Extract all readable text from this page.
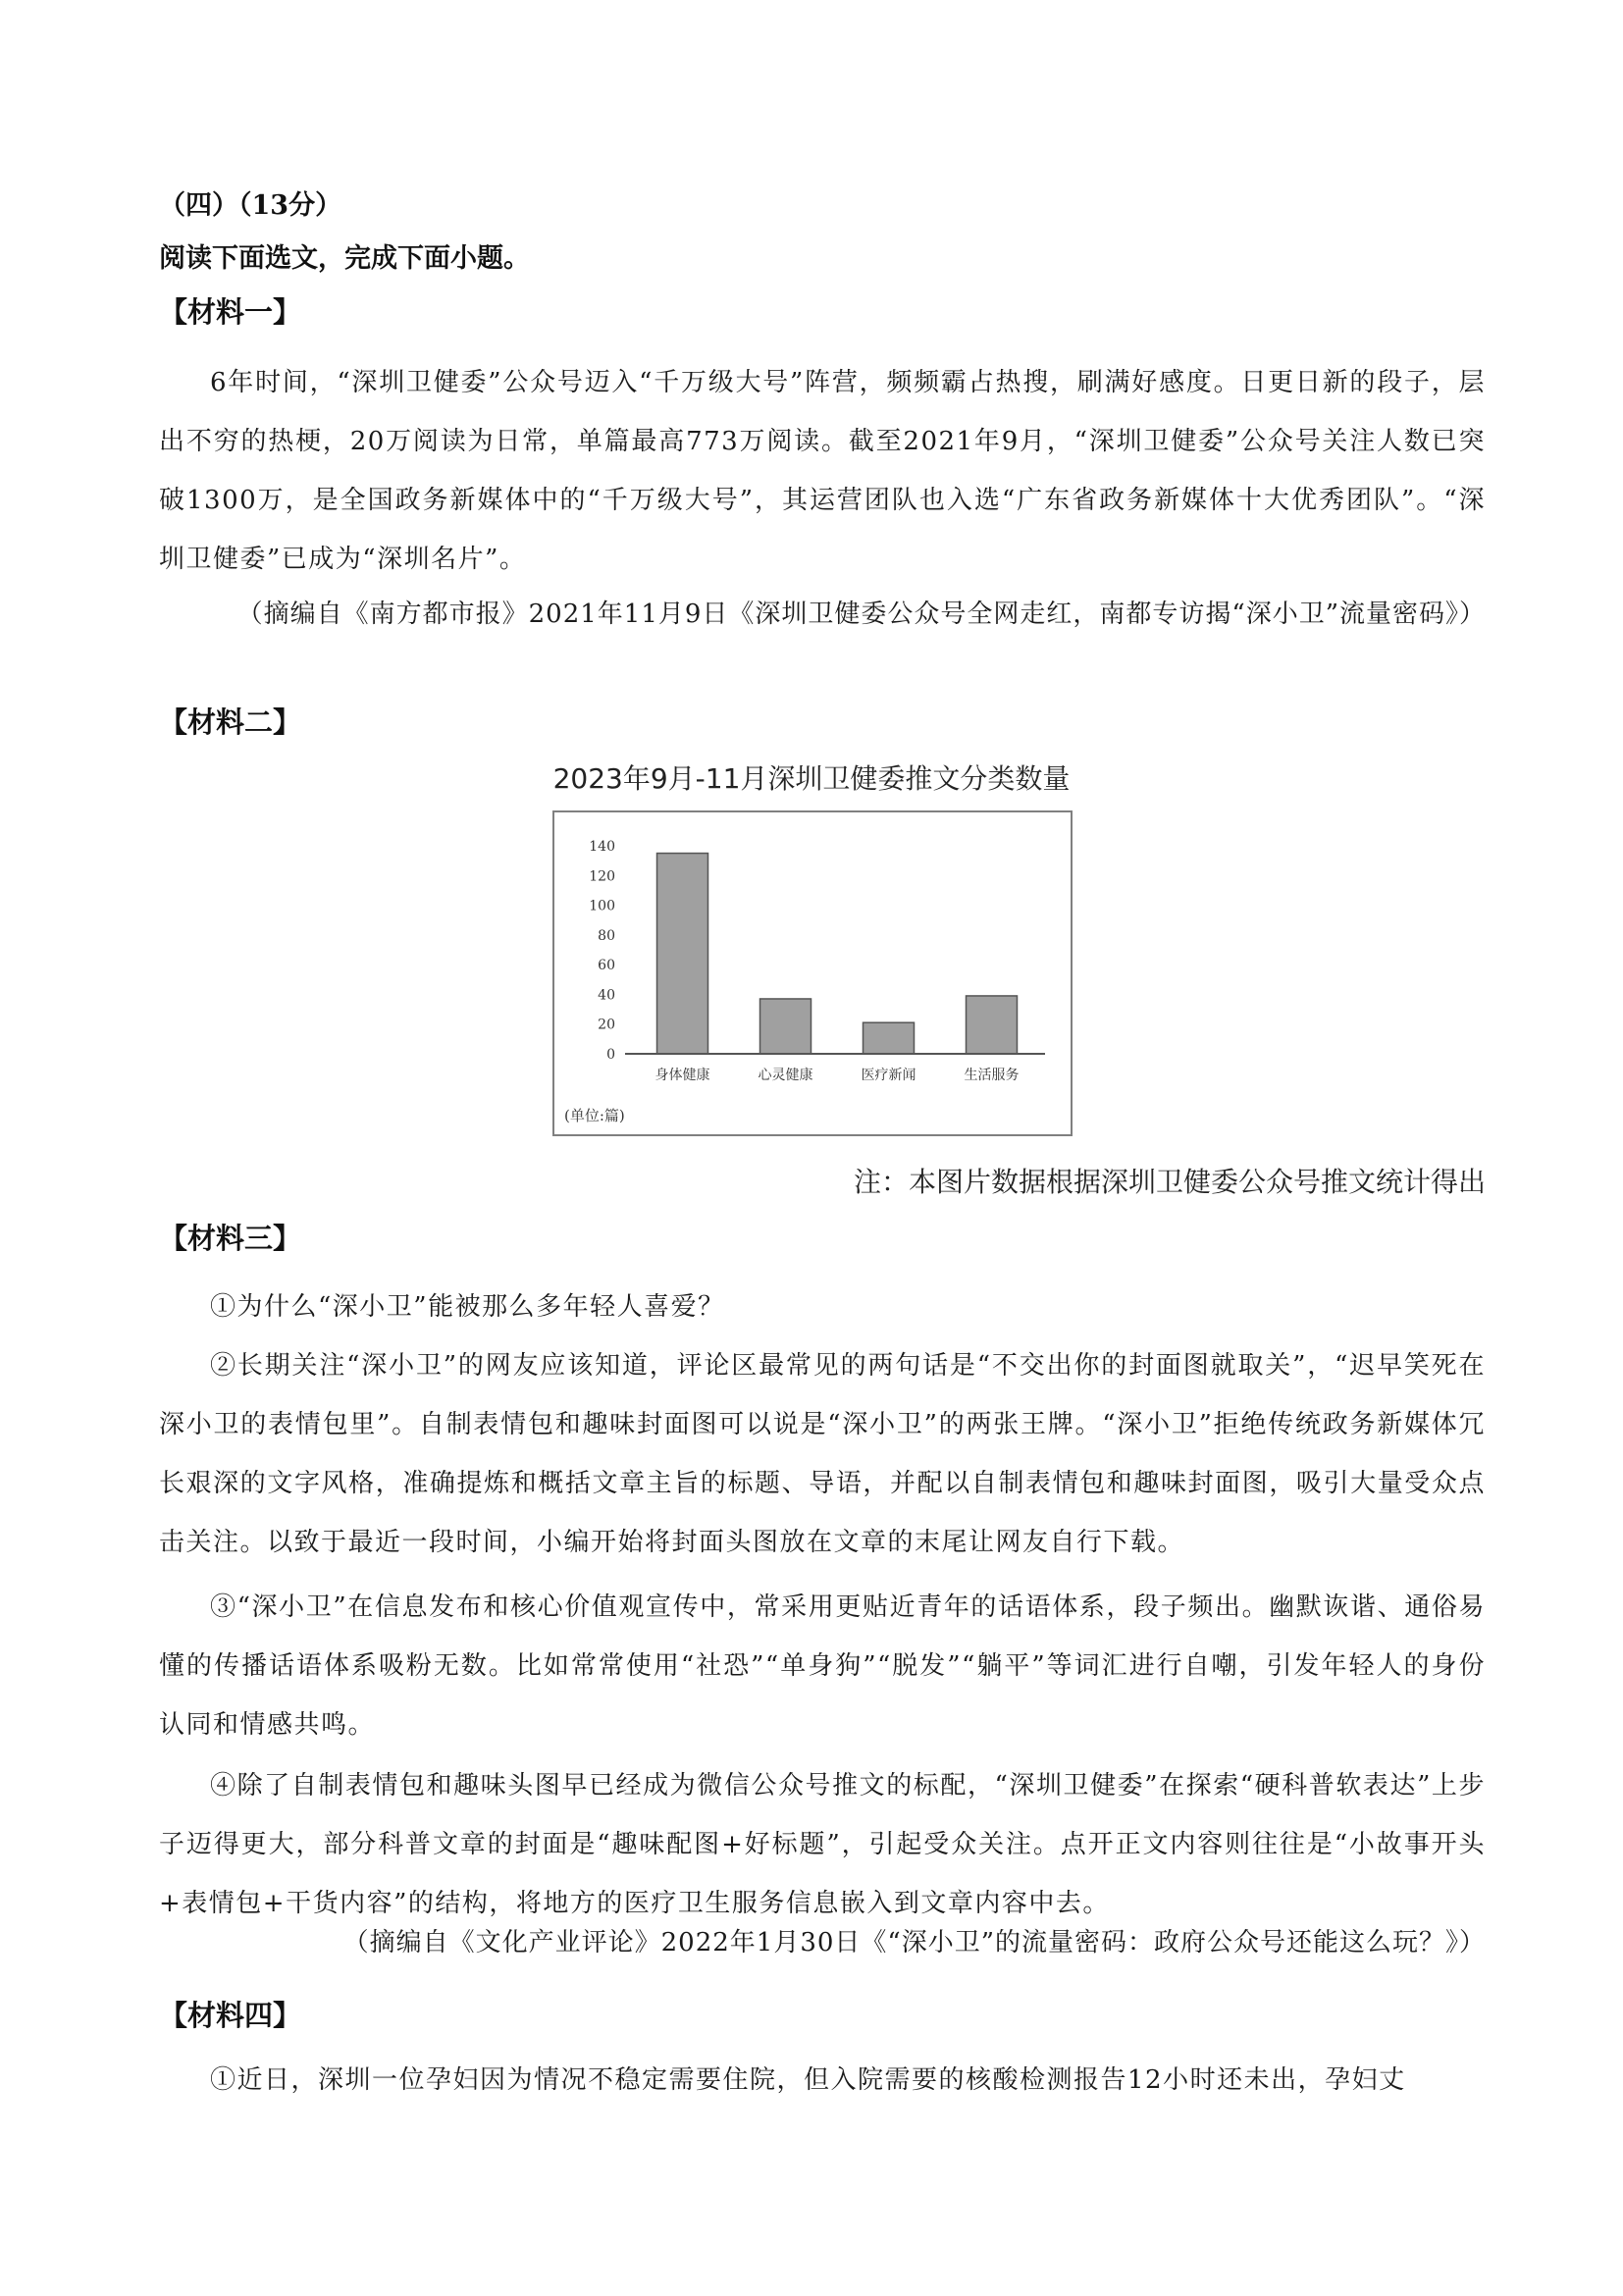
（四）（13分）
阅读下面选文，完成下面小题。
【材料一】
6年时间，“深圳卫健委”公众号迈入“千万级大号”阵营，频频霸占热搜，刷满好感度。日更日新的段子，层出不穷的热梗，20万阅读为日常，单篇最高773万阅读。截至2021年9月，“深圳卫健委”公众号关注人数已突破1300万，是全国政务新媒体中的“千万级大号”，其运营团队也入选“广东省政务新媒体十大优秀团队”。“深圳卫健委”已成为“深圳名片”。
（摘编自《南方都市报》2021年11月9日《深圳卫健委公众号全网走红，南都专访揭“深小卫”流量密码》）
【材料二】
2023年9月-11月深圳卫健委推文分类数量
0
20
40
60
80
100
120
140
身体健康	心灵健康	医疗新闻	生活服务
(单位:篇)
注：本图片数据根据深圳卫健委公众号推文统计得出
【材料三】
①为什么“深小卫”能被那么多年轻人喜爱？
②长期关注“深小卫”的网友应该知道，评论区最常见的两句话是“不交出你的封面图就取关”，“迟早笑死在深小卫的表情包里”。自制表情包和趣味封面图可以说是“深小卫”的两张王牌。“深小卫”拒绝传统政务新媒体冗长艰深的文字风格，准确提炼和概括文章主旨的标题、导语，并配以自制表情包和趣味封面图，吸引大量受众点击关注。以致于最近一段时间，小编开始将封面头图放在文章的末尾让网友自行下载。
③“深小卫”在信息发布和核心价值观宣传中，常采用更贴近青年的话语体系，段子频出。幽默诙谐、通俗易懂的传播话语体系吸粉无数。比如常常使用“社恐”“单身狗”“脱发”“躺平”等词汇进行自嘲，引发年轻人的身份认同和情感共鸣。
④除了自制表情包和趣味头图早已经成为微信公众号推文的标配，“深圳卫健委”在探索“硬科普软表达”上步子迈得更大，部分科普文章的封面是“趣味配图+好标题”，引起受众关注。点开正文内容则往往是“小故事开头+表情包+干货内容”的结构，将地方的医疗卫生服务信息嵌入到文章内容中去。
（摘编自《文化产业评论》2022年1月30日《“深小卫”的流量密码：政府公众号还能这么玩？》）
【材料四】
①近日，深圳一位孕妇因为情况不稳定需要住院，但入院需要的核酸检测报告12小时还未出，孕妇丈
